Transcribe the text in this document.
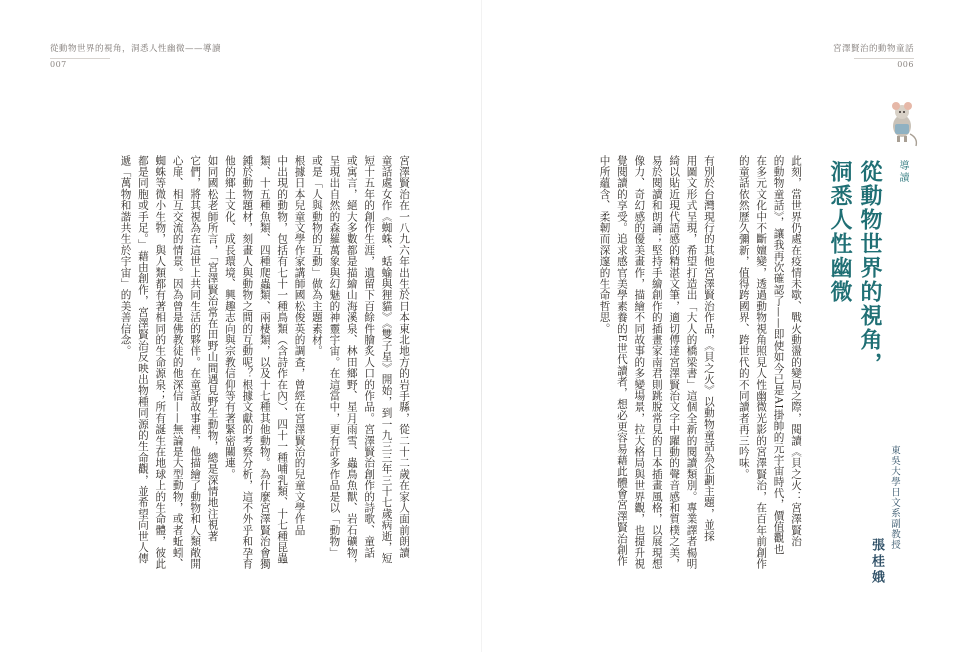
從動物世界的視角，洞悉人性幽微——導讀
007

宮澤賢治在一八九六年出生於日本東北地方的岩手縣，從二十二歲在家人面前朗讀

童話處女作《蜘蛛、蛞蝓與狸貓》《雙子星》開始，到一九三三年三十七歲病逝，短

短十五年的創作生涯，遺留下百餘件膾炙人口的作品。宮澤賢治創作的詩歌、童話

或寓言，絕大多數都是描繪山海溪泉、林田鄉野、星月雨雪、蟲鳥魚獸、岩石礦物，

呈現出自然的森羅萬象與幻魅的神靈宇宙。在這當中，更有許多作品是以「動物」

或是「人與動物的互動」做為主題素材。

根據日本兒童文學作家講師國松俊英的調查，曾經在宮澤賢治的兒童文學作品

中出現的動物，包括有七十一種鳥類（含詩作在內）、四十一種哺乳類、十七種昆蟲

類、十五種魚類、四種爬蟲類、兩棲類，以及十七種其他動物。為什麼宮澤賢治會獨

鍾於動物題材，刻畫人與動物之間的互動呢？根據文獻的考察分析，這不外乎和孕育

他的鄉土文化、成長環境、興趣志向與宗教信仰等有著緊密關連。

如同國松老師所言，「宮澤賢治常在田野山間遇見野生動物，總是深情地注視著

它們，將其視為在這世上共同生活的夥伴。在童話故事裡，他描繪了動物和人類敞開

心扉、相互交流的情景。因為曾是佛教徒的他深信——無論是大型動物，或者蚯蚓、

蜘蛛等微小生物，與人類都有著相同的生命源泉；所有誕生在地球上的生命體，彼此

都是同胞或手足。」藉由創作，宮澤賢治反映出物種同源的生命觀，並希望向世人傳

遞「萬物和諧共生於宇宙」的美善信念。

宮澤賢治的動物童話
006
導讀
從動物世界的視角，
洞悉人性幽微
東吳大學日文系副教授
張桂娥

此刻，當世界仍處在疫情未歇、戰火動盪的變局之際，閱讀《貝之火：宮澤賢治

的動物童話》，讓我再次確認了——即使如今已是AI掛帥的元宇宙時代，價值觀也

在多元文化中不斷嬗變，透過動物視角照見人性幽微光影的宮澤賢治，在百年前創作

的童話依然歷久彌新，值得跨國界、跨世代的不同讀者再三吟味。

有別於台灣現行的其他宮澤賢治作品，《貝之火》以動物童話為企劃主題，並採

用圖文形式呈現，希望打造出「大人的橋梁書」這個全新的閱讀類別。專業譯者楊明

綺以貼近現代語感的精湛文筆，適切傳達宮澤賢治文字中躍動的聲音感和質樸之美，

易於閱讀和朗誦；堅持手繪創作的插畫家南君則跳脫常見的日本插畫風格，以展現想

像力、奇幻感的優美畫作，描繪不同故事的多變場景，拉大格局與世界觀，也提升視

覺閱讀的享受。追求感官美學素養的E世代讀者，想必更容易藉此體會宮澤賢治創作

中所蘊含、柔韌而深邃的生命哲思。
